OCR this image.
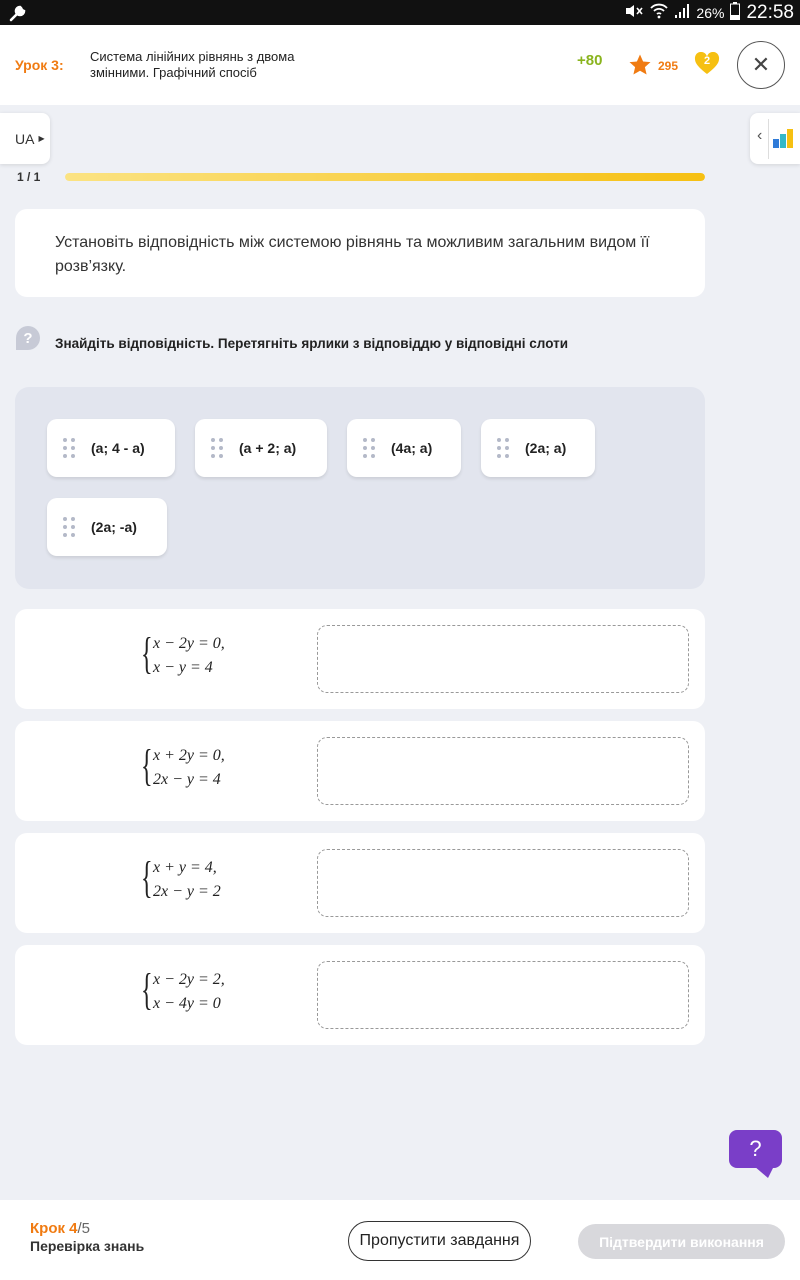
26% 22:58
Урок 3:
Система лінійних рівнянь з двома змінними. Графічний спосіб
+80	295	2	✕
UA ▶	‹
1 / 1
Установіть відповідність між системою рівнянь та можливим загальним видом її розв’язку.
? Знайдіть відповідність. Перетягніть ярлики з відповіддю у відповідні слоти
(a; 4 - a)	(a + 2; a)	(4a; a)	(2a; a)
(2a; -a)
{ x − 2y = 0,
x − y = 4
{ x + 2y = 0,
2x − y = 4
{ x + y = 4,
2x − y = 2
{ x − 2y = 2,
x − 4y = 0
?
Крок 4/5
Перевірка знань	Пропустити завдання	Підтвердити виконання
